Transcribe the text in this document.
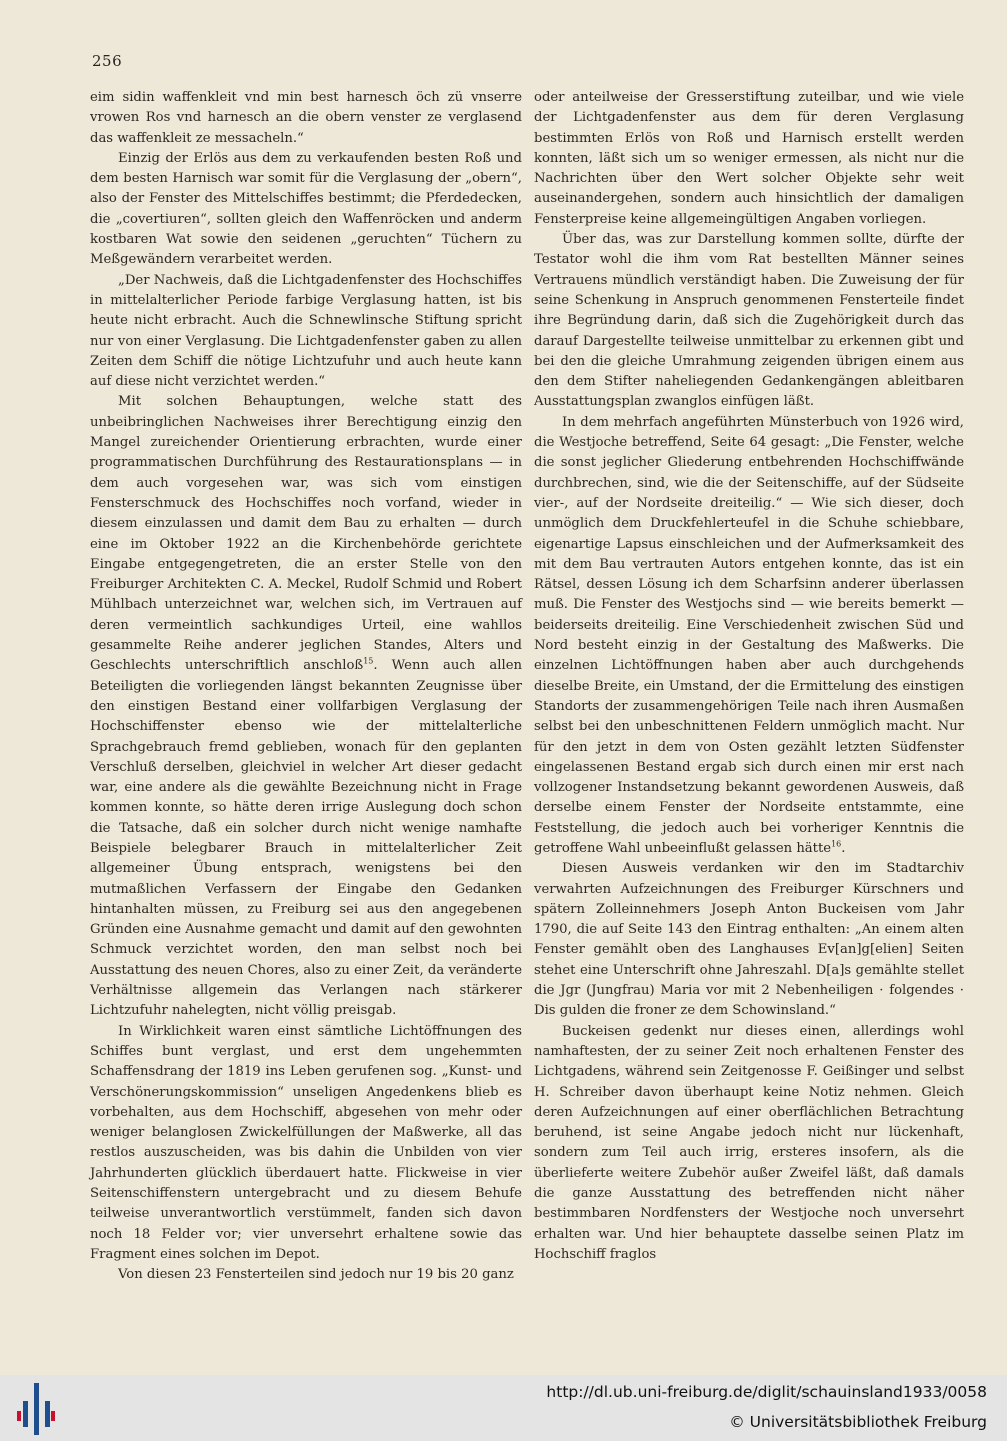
256

eim sidin waffenkleit vnd min best harnesch öch zü vnserre vrowen Ros vnd harnesch an die obern venster ze verglasend das waffenkleit ze messacheln.“

Einzig der Erlös aus dem zu verkaufenden besten Roß und dem besten Harnisch war somit für die Verglasung der „obern“, also der Fenster des Mittelschiffes bestimmt; die Pferdedecken, die „covertiuren“, sollten gleich den Waffenröcken und anderm kostbaren Wat sowie den seidenen „geruchten“ Tüchern zu Meßgewändern verarbeitet werden.

„Der Nachweis, daß die Lichtgadenfenster des Hochschiffes in mittelalterlicher Periode farbige Verglasung hatten, ist bis heute nicht erbracht. Auch die Schnewlinsche Stiftung spricht nur von einer Verglasung. Die Lichtgadenfenster gaben zu allen Zeiten dem Schiff die nötige Lichtzufuhr und auch heute kann auf diese nicht verzichtet werden.“

Mit solchen Behauptungen, welche statt des unbeibringlichen Nachweises ihrer Berechtigung einzig den Mangel zureichender Orientierung erbrachten, wurde einer programmatischen Durchführung des Restaurationsplans — in dem auch vorgesehen war, was sich vom einstigen Fensterschmuck des Hochschiffes noch vorfand, wieder in diesem einzulassen und damit dem Bau zu erhalten — durch eine im Oktober 1922 an die Kirchenbehörde gerichtete Eingabe entgegengetreten, die an erster Stelle von den Freiburger Architekten C. A. Meckel, Rudolf Schmid und Robert Mühlbach unterzeichnet war, welchen sich, im Vertrauen auf deren vermeintlich sachkundiges Urteil, eine wahllos gesammelte Reihe anderer jeglichen Standes, Alters und Geschlechts unterschriftlich anschloß$^{15}$. Wenn auch allen Beteiligten die vorliegenden längst bekannten Zeugnisse über den einstigen Bestand einer vollfarbigen Verglasung der Hochschiffenster ebenso wie der mittelalterliche Sprachgebrauch fremd geblieben, wonach für den geplanten Verschluß derselben, gleichviel in welcher Art dieser gedacht war, eine andere als die gewählte Bezeichnung nicht in Frage kommen konnte, so hätte deren irrige Auslegung doch schon die Tatsache, daß ein solcher durch nicht wenige namhafte Beispiele belegbarer Brauch in mittelalterlicher Zeit allgemeiner Übung entsprach, wenigstens bei den mutmaßlichen Verfassern der Eingabe den Gedanken hintanhalten müssen, zu Freiburg sei aus den angegebenen Gründen eine Ausnahme gemacht und damit auf den gewohnten Schmuck verzichtet worden, den man selbst noch bei Ausstattung des neuen Chores, also zu einer Zeit, da veränderte Verhältnisse allgemein das Verlangen nach stärkerer Lichtzufuhr nahelegten, nicht völlig preisgab.

In Wirklichkeit waren einst sämtliche Lichtöffnungen des Schiffes bunt verglast, und erst dem ungehemmten Schaffensdrang der 1819 ins Leben gerufenen sog. „Kunst- und Verschönerungskommission“ unseligen Angedenkens blieb es vorbehalten, aus dem Hochschiff, abgesehen von mehr oder weniger belanglosen Zwickelfüllungen der Maßwerke, all das restlos auszuscheiden, was bis dahin die Unbilden von vier Jahrhunderten glücklich überdauert hatte. Flickweise in vier Seitenschiffenstern untergebracht und zu diesem Behufe teilweise unverantwortlich verstümmelt, fanden sich davon noch 18 Felder vor; vier unversehrt erhaltene sowie das Fragment eines solchen im Depot.

Von diesen 23 Fensterteilen sind jedoch nur 19 bis 20 ganz

oder anteilweise der Gresserstiftung zuteilbar, und wie viele der Lichtgadenfenster aus dem für deren Verglasung bestimmten Erlös von Roß und Harnisch erstellt werden konnten, läßt sich um so weniger ermessen, als nicht nur die Nachrichten über den Wert solcher Objekte sehr weit auseinandergehen, sondern auch hinsichtlich der damaligen Fensterpreise keine allgemeingültigen Angaben vorliegen.

Über das, was zur Darstellung kommen sollte, dürfte der Testator wohl die ihm vom Rat bestellten Männer seines Vertrauens mündlich verständigt haben. Die Zuweisung der für seine Schenkung in Anspruch genommenen Fensterteile findet ihre Begründung darin, daß sich die Zugehörigkeit durch das darauf Dargestellte teilweise unmittelbar zu erkennen gibt und bei den die gleiche Umrahmung zeigenden übrigen einem aus den dem Stifter naheliegenden Gedankengängen ableitbaren Ausstattungsplan zwanglos einfügen läßt.

In dem mehrfach angeführten Münsterbuch von 1926 wird, die Westjoche betreffend, Seite 64 gesagt: „Die Fenster, welche die sonst jeglicher Gliederung entbehrenden Hochschiffwände durchbrechen, sind, wie die der Seitenschiffe, auf der Südseite vier-, auf der Nordseite dreiteilig.“ — Wie sich dieser, doch unmöglich dem Druckfehlerteufel in die Schuhe schiebbare, eigenartige Lapsus einschleichen und der Aufmerksamkeit des mit dem Bau vertrauten Autors entgehen konnte, das ist ein Rätsel, dessen Lösung ich dem Scharfsinn anderer überlassen muß. Die Fenster des Westjochs sind — wie bereits bemerkt — beiderseits dreiteilig. Eine Verschiedenheit zwischen Süd und Nord besteht einzig in der Gestaltung des Maßwerks. Die einzelnen Lichtöffnungen haben aber auch durchgehends dieselbe Breite, ein Umstand, der die Ermittelung des einstigen Standorts der zusammengehörigen Teile nach ihren Ausmaßen selbst bei den unbeschnittenen Feldern unmöglich macht. Nur für den jetzt in dem von Osten gezählt letzten Südfenster eingelassenen Bestand ergab sich durch einen mir erst nach vollzogener Instandsetzung bekannt gewordenen Ausweis, daß derselbe einem Fenster der Nordseite entstammte, eine Feststellung, die jedoch auch bei vorheriger Kenntnis die getroffene Wahl unbeeinflußt gelassen hätte$^{16}$.

Diesen Ausweis verdanken wir den im Stadtarchiv verwahrten Aufzeichnungen des Freiburger Kürschners und spätern Zolleinnehmers Joseph Anton Buckeisen vom Jahr 1790, die auf Seite 143 den Eintrag enthalten: „An einem alten Fenster gemählt oben des Langhauses Ev[an]g[elien] Seiten stehet eine Unterschrift ohne Jahreszahl. D[a]s gemählte stellet die Jgr (Jungfrau) Maria vor mit 2 Nebenheiligen · folgendes · Dis gulden die froner ze dem Schowinsland.“

Buckeisen gedenkt nur dieses einen, allerdings wohl namhaftesten, der zu seiner Zeit noch erhaltenen Fenster des Lichtgadens, während sein Zeitgenosse F. Geißinger und selbst H. Schreiber davon überhaupt keine Notiz nehmen. Gleich deren Aufzeichnungen auf einer oberflächlichen Betrachtung beruhend, ist seine Angabe jedoch nicht nur lückenhaft, sondern zum Teil auch irrig, ersteres insofern, als die überlieferte weitere Zubehör außer Zweifel läßt, daß damals die ganze Ausstattung des betreffenden nicht näher bestimmbaren Nordfensters der Westjoche noch unversehrt erhalten war. Und hier behauptete dasselbe seinen Platz im Hochschiff fraglos

http://dl.ub.uni-freiburg.de/diglit/schauinsland1933/0058
© Universitätsbibliothek Freiburg
